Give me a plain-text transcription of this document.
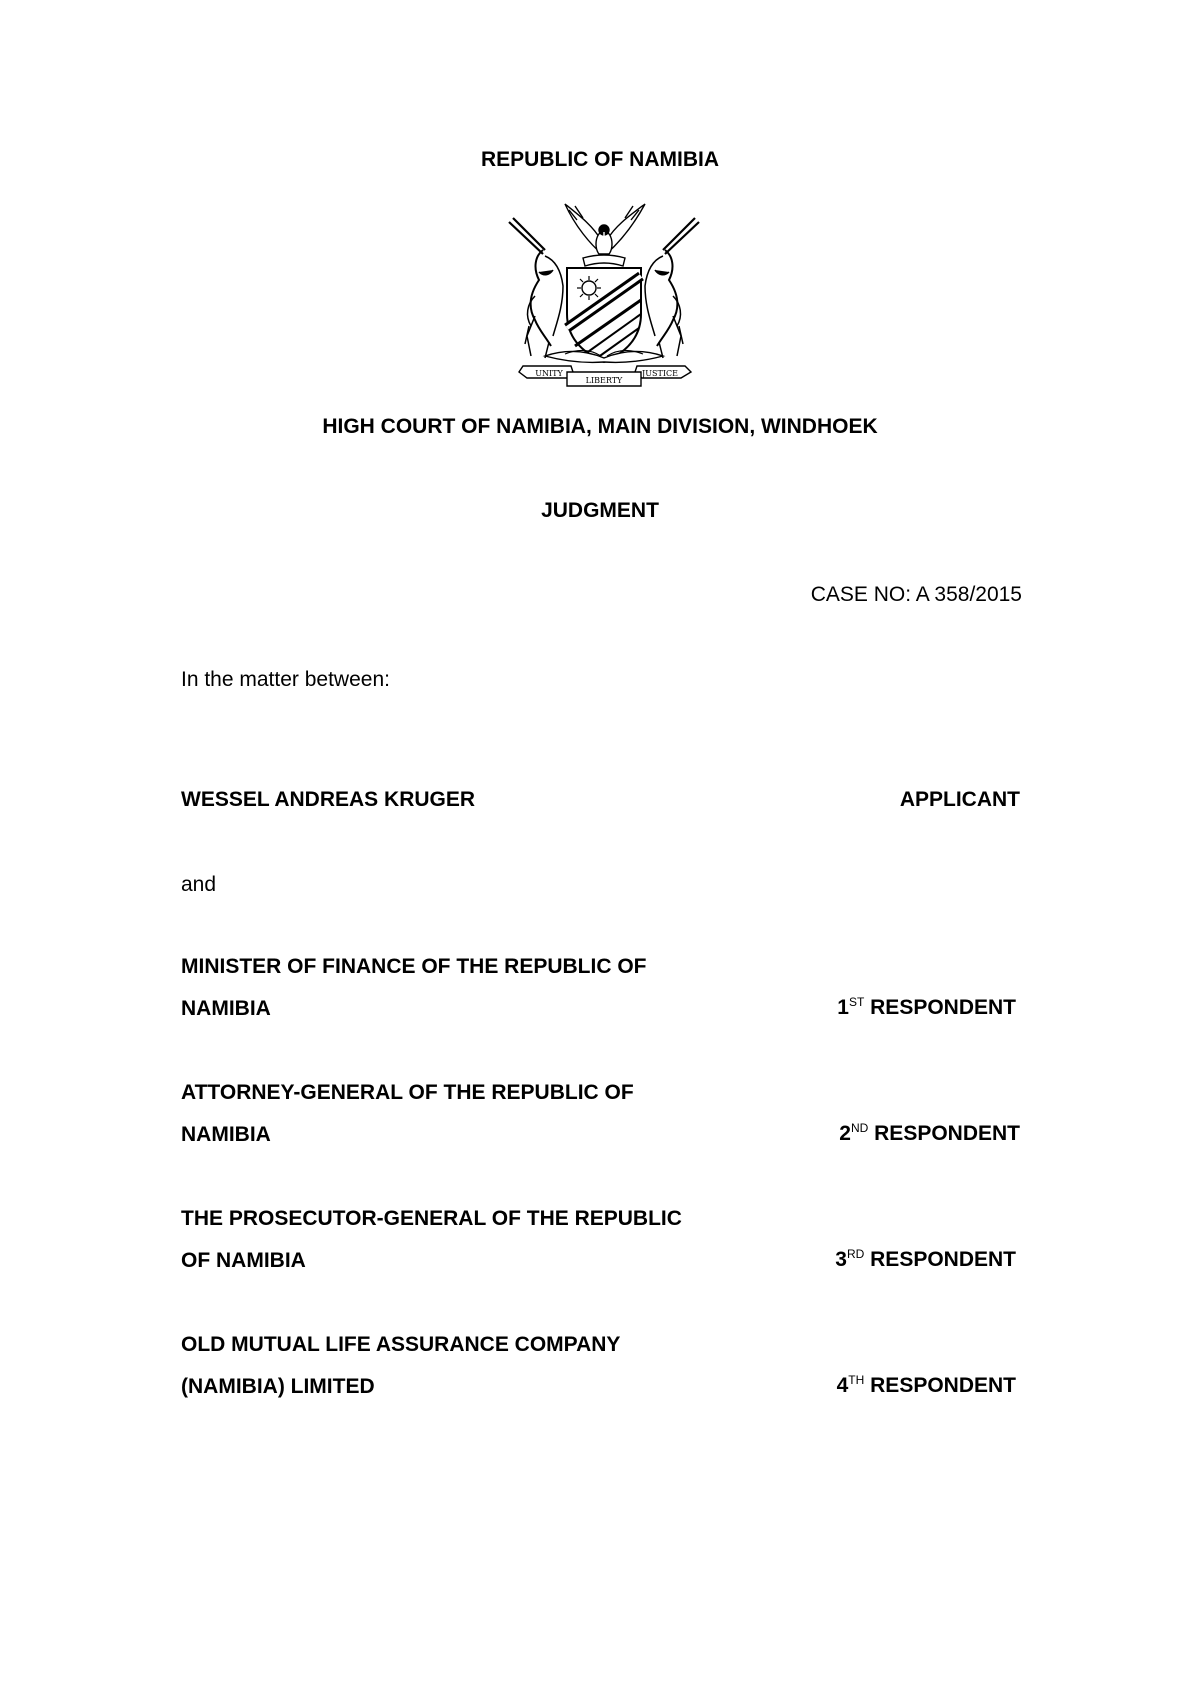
REPUBLIC OF NAMIBIA
UNITY
LIBERTY
JUSTICE
HIGH COURT OF NAMIBIA, MAIN DIVISION, WINDHOEK
JUDGMENT
CASE NO: A 358/2015
In the matter between:
WESSEL ANDREAS KRUGER	APPLICANT
and
MINISTER OF FINANCE OF THE REPUBLIC OF
NAMIBIA	1ST RESPONDENT
ATTORNEY-GENERAL OF THE REPUBLIC OF
NAMIBIA	2ND RESPONDENT
THE PROSECUTOR-GENERAL OF THE REPUBLIC
OF NAMIBIA	3RD RESPONDENT
OLD MUTUAL LIFE ASSURANCE COMPANY
(NAMIBIA) LIMITED	4TH RESPONDENT
